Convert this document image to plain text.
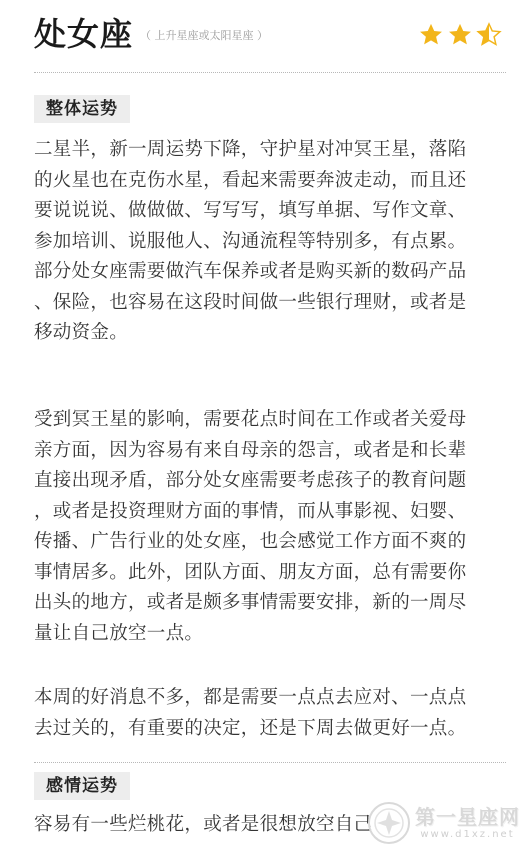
处女座 （ 上升星座或太阳星座 ）
整体运势

二星半，新一周运势下降，守护星对冲冥王星，落陷
的火星也在克伤水星，看起来需要奔波走动，而且还
要说说说、做做做、写写写，填写单据、写作文章、
参加培训、说服他人、沟通流程等特别多，有点累。
部分处女座需要做汽车保养或者是购买新的数码产品
、保险，也容易在这段时间做一些银行理财，或者是
移动资金。

受到冥王星的影响，需要花点时间在工作或者关爱母
亲方面，因为容易有来自母亲的怨言，或者是和长辈
直接出现矛盾，部分处女座需要考虑孩子的教育问题
，或者是投资理财方面的事情，而从事影视、妇婴、
传播、广告行业的处女座，也会感觉工作方面不爽的
事情居多。此外，团队方面、朋友方面，总有需要你
出头的地方，或者是颇多事情需要安排，新的一周尽
量让自己放空一点。

本周的好消息不多，都是需要一点点去应对、一点点
去过关的，有重要的决定，还是下周去做更好一点。

感情运势

容易有一些烂桃花，或者是很想放空自己	第一星座网
www.d1xz.net
